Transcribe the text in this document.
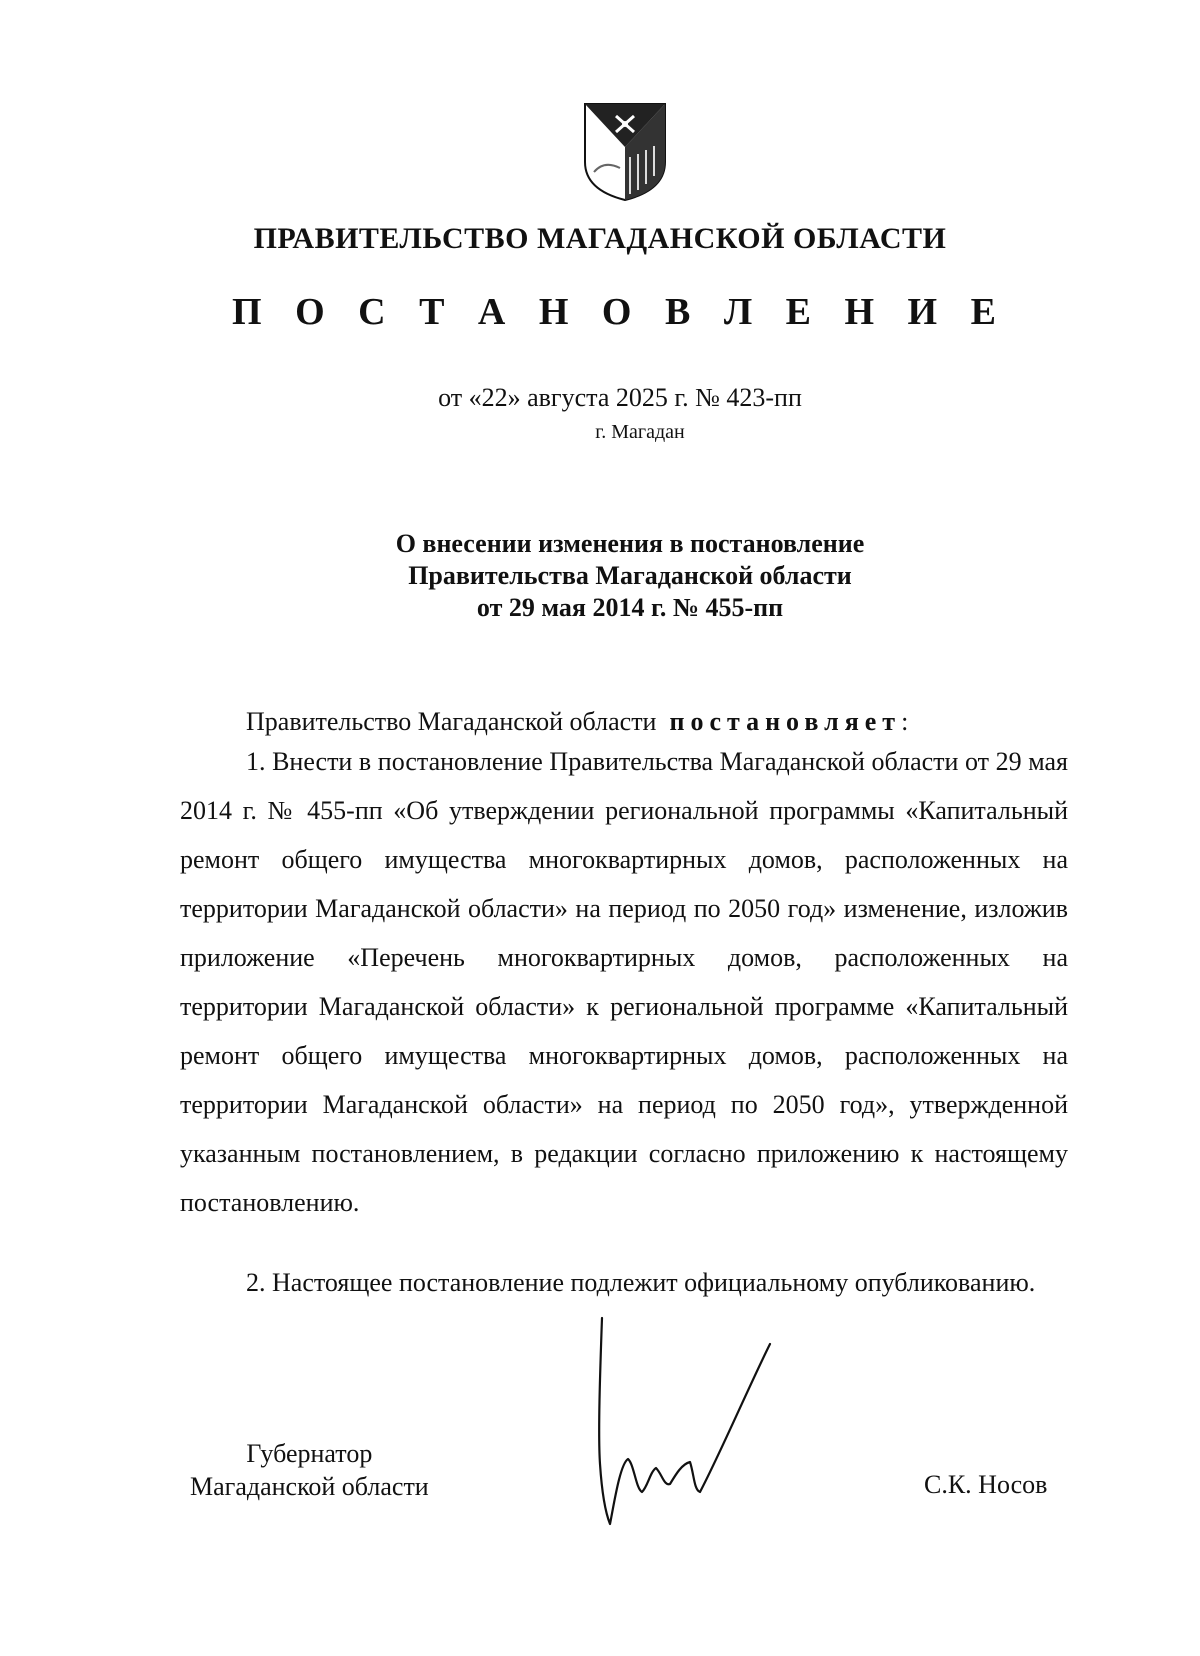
ПРАВИТЕЛЬСТВО МАГАДАНСКОЙ ОБЛАСТИ
П О С Т А Н О В Л Е Н И Е
от «22» августа 2025 г. № 423-пп
г. Магадан
О внесении изменения в постановление
Правительства Магаданской области
от 29 мая 2014 г. № 455-пп

Правительство Магаданской области постановляет:

1. Внести в постановление Правительства Магаданской области от 29 мая 2014 г. № 455-пп «Об утверждении региональной программы «Капитальный ремонт общего имущества многоквартирных домов, расположенных на территории Магаданской области» на период по 2050 год» изменение, изложив приложение «Перечень многоквартирных домов, расположенных на территории Магаданской области» к региональной программе «Капитальный ремонт общего имущества многоквартирных домов, расположенных на территории Магаданской области» на период по 2050 год», утвержденной указанным постановлением, в редакции согласно приложению к настоящему постановлению.

2. Настоящее постановление подлежит официальному опубликованию.

Губернатор
Магаданской области	С.К. Носов
